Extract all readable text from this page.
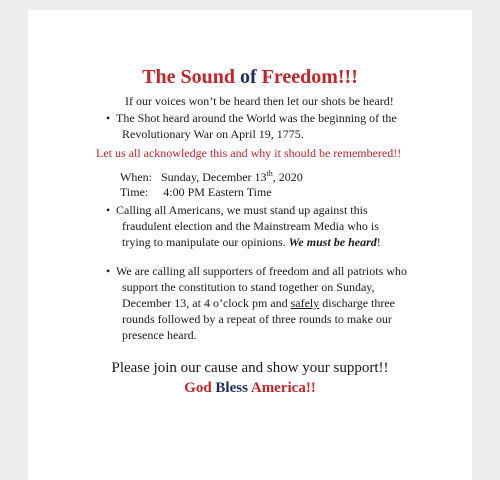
The Sound of Freedom!!!
If our voices won’t be heard then let our shots be heard!
• The Shot heard around the World was the beginning of the
Revolutionary War on April 19, 1775.
Let us all acknowledge this and why it should be remembered!!
When: Sunday, December 13th, 2020
Time: 4:00 PM Eastern Time
• Calling all Americans, we must stand up against this
fraudulent election and the Mainstream Media who is
trying to manipulate our opinions. We must be heard!
• We are calling all supporters of freedom and all patriots who
support the constitution to stand together on Sunday,
December 13, at 4 o’clock pm and safely discharge three
rounds followed by a repeat of three rounds to make our
presence heard.
Please join our cause and show your support!!
God Bless America!!
